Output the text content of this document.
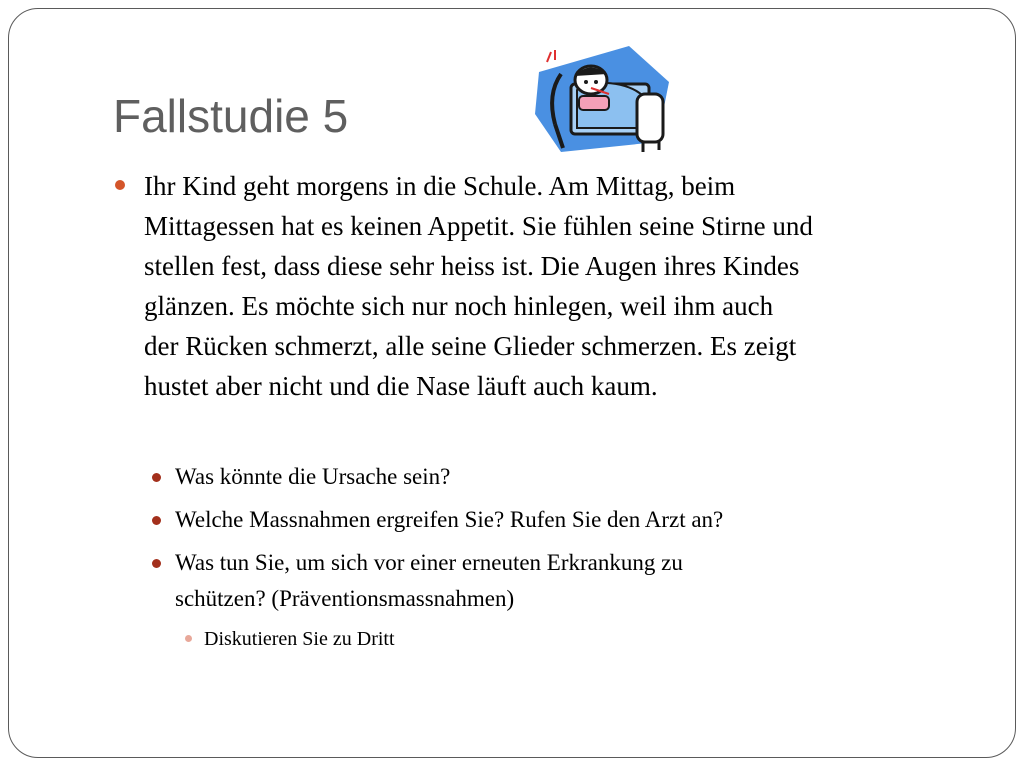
Fallstudie 5
Ihr Kind geht morgens in die Schule. Am Mittag, beim
Mittagessen hat es keinen Appetit. Sie fühlen seine Stirne und
stellen fest, dass diese sehr heiss ist. Die Augen ihres Kindes
glänzen. Es möchte sich nur noch hinlegen, weil ihm auch
der Rücken schmerzt, alle seine Glieder schmerzen. Es zeigt
hustet aber nicht und die Nase läuft auch kaum.
Was könnte die Ursache sein?
Welche Massnahmen ergreifen Sie? Rufen Sie den Arzt an?
Was tun Sie, um sich vor einer erneuten Erkrankung zu
schützen? (Präventionsmassnahmen)
Diskutieren Sie zu Dritt
